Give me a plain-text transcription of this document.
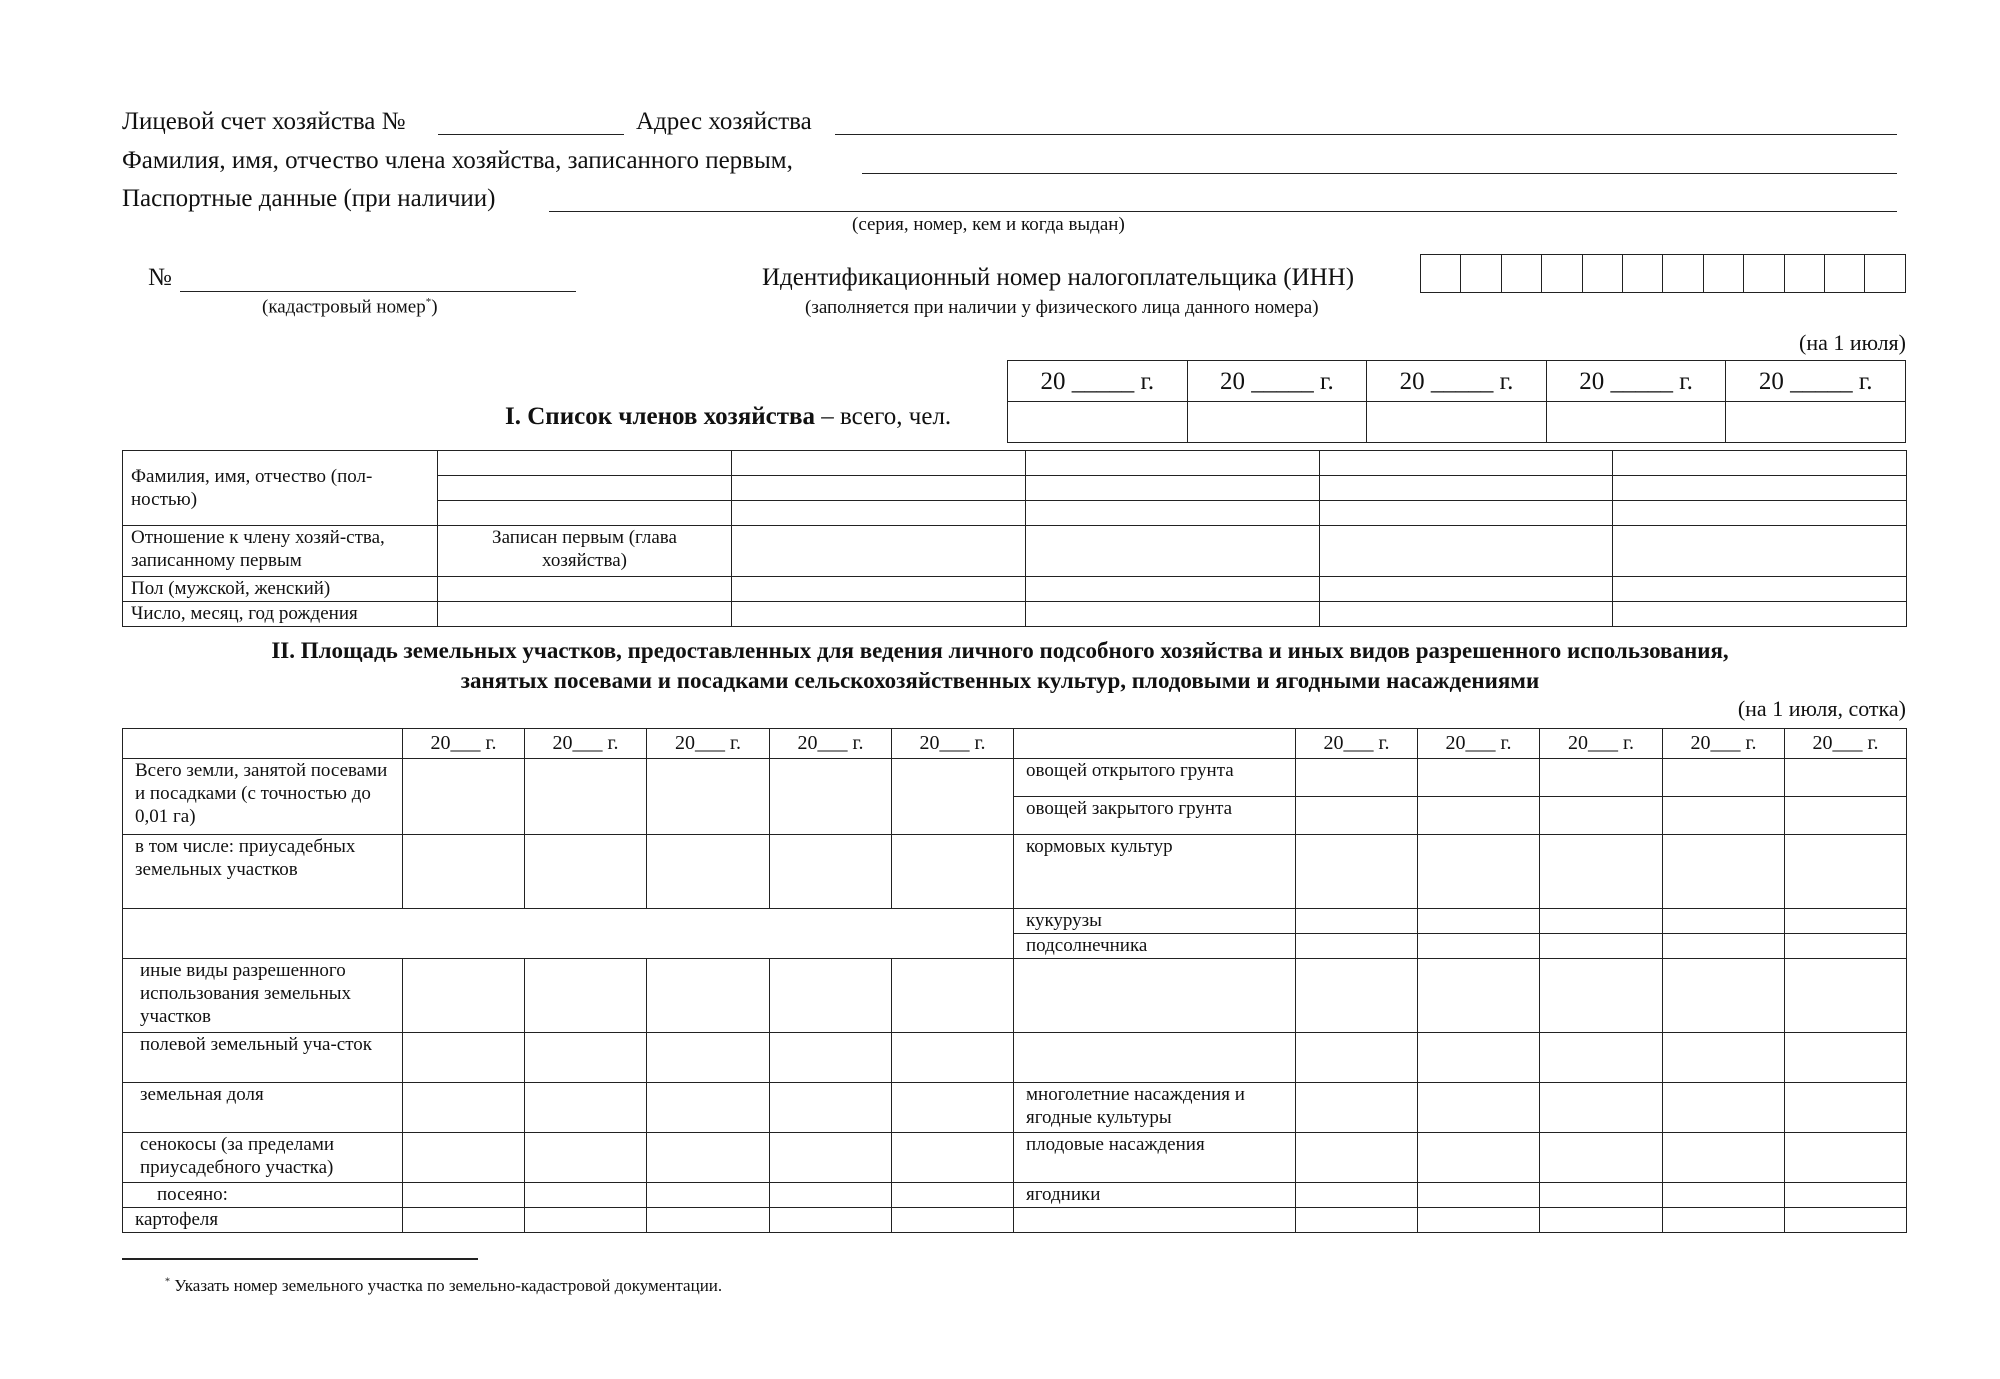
Лицевой счет хозяйства №	Адрес хозяйства
Фамилия, имя, отчество члена хозяйства, записанного первым,
Паспортные данные (при наличии)
(серия, номер, кем и когда выдан)
№
(кадастровый номер*)
Идентификационный номер налогоплательщика (ИНН)

(заполняется при наличии у физического лица данного номера)
(на 1 июля)
I. Список членов хозяйства – всего, чел.
20 _____ г.	20 _____ г.	20 _____ г.	20 _____ г.	20 _____ г.

Фамилия, имя, отчество (пол-ностью)					

Отношение к члену хозяй-ства, записанному первым	Записан первым (глава хозяйства)				
Пол (мужской, женский)					
Число, месяц, год рождения					
II. Площадь земельных участков, предоставленных для ведения личного подсобного хозяйства и иных видов разрешенного использования,
занятых посевами и посадками сельскохозяйственных культур, плодовыми и ягодными насаждениями
(на 1 июля, сотка)
	20___ г.	20___ г.	20___ г.	20___ г.	20___ г.		20___ г.	20___ г.	20___ г.	20___ г.	20___ г.
Всего земли, занятой посевами и посадками (с точностью до 0,01 га)						овощей открытого грунта					
						овощей закрытого грунта					
в том числе: приусадебных земельных участков						кормовых культур					
						кукурузы					
						подсолнечника					
иные виды разрешенного использования земельных участков											
полевой земельный уча-сток											
земельная доля						многолетние насаждения и ягодные культуры					
сенокосы (за пределами приусадебного участка)						плодовые насаждения					
посеяно:						ягодники					
картофеля											
* Указать номер земельного участка по земельно-кадастровой документации.
